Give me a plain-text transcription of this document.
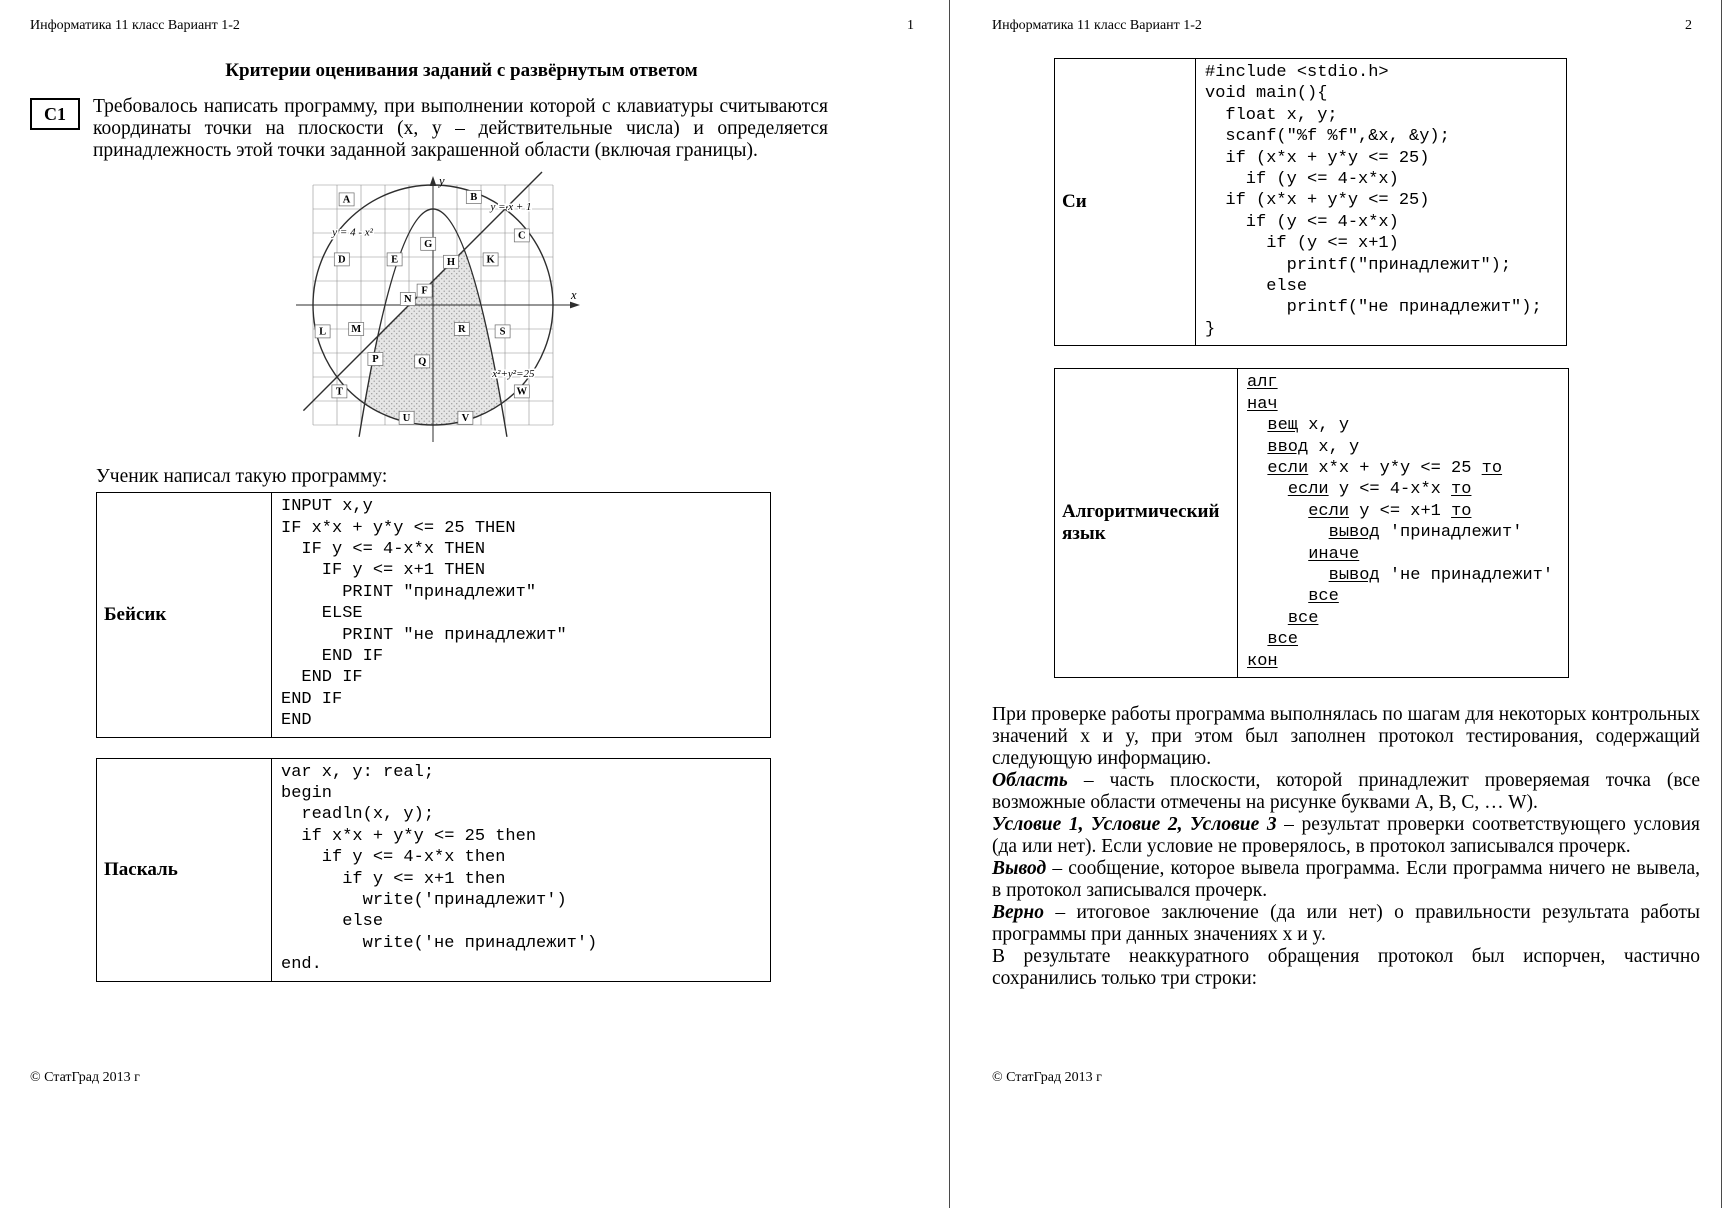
Информатика 11 класс Вариант 1-2	1
Критерии оценивания заданий с развёрнутым ответом
С1	Требовалось написать программу, при выполнении которой с клавиатуры считываются координаты точки на плоскости (x, y – действительные числа) и определяется принадлежность этой точки заданной закрашенной области (включая границы).

y
x
A	B
C
D	E
G
H	K
F
N
L M	R	S
P	Q
T
U	V
W
y = x + 1
y = 4 - x²
x²+y²=25

Ученик написал такую программу:

Бейсик	
INPUT x,y
IF x*x + y*y <= 25 THEN
IF y <= 4-x*x THEN
IF y <= x+1 THEN
PRINT "принадлежит"
ELSE
PRINT "не принадлежит"
END IF
END IF
END IF
END
Паскаль	
var x, y: real;
begin
readln(x, y);
if x*x + y*y <= 25 then
if y <= 4-x*x then
if y <= x+1 then
write('принадлежит')
else
write('не принадлежит')
end.
© СтатГрад 2013 г
Информатика 11 класс Вариант 1-2	2
Си	
#include <stdio.h>
void main(){
float x, y;
scanf("%f %f",&x, &y);
if (x*x + y*y <= 25)
if (y <= 4-x*x)
if (x*x + y*y <= 25)
if (y <= 4-x*x)
if (y <= x+1)
printf("принадлежит");
else
printf("не принадлежит");
}
Алгоритмический язык	
алг
нач
вещ x, y
ввод x, y
если x*x + y*y <= 25 то
если y <= 4-x*x то
если y <= x+1 то
вывод 'принадлежит'
иначе
вывод 'не принадлежит'
все
все
все
кон

При проверке работы программа выполнялась по шагам для некоторых контрольных значений x и y, при этом был заполнен протокол тестирования, содержащий следующую информацию.

Область – часть плоскости, которой принадлежит проверяемая точка (все возможные области отмечены на рисунке буквами A, B, C, … W).

Условие 1, Условие 2, Условие 3 – результат проверки соответствующего условия (да или нет). Если условие не проверялось, в протокол записывался прочерк.

Вывод – сообщение, которое вывела программа. Если программа ничего не вывела, в протокол записывался прочерк.

Верно – итоговое заключение (да или нет) о правильности результата работы программы при данных значениях x и y.

В результате неаккуратного обращения протокол был испорчен, частично сохранились только три строки:

© СтатГрад 2013 г
